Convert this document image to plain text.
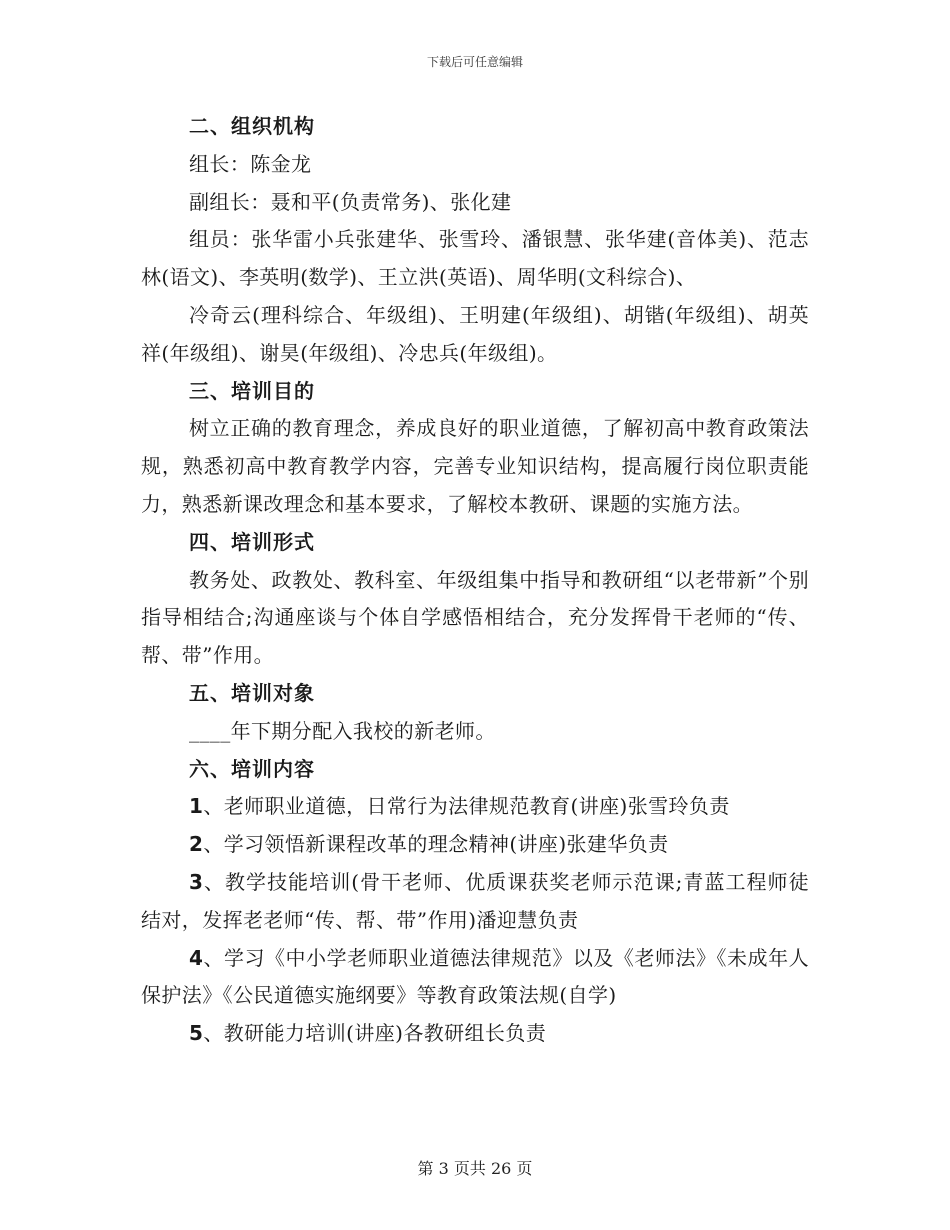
下载后可任意编辑

二、组织机构

组长：陈金龙

副组长：聂和平(负责常务)、张化建

组员：张华雷小兵张建华、张雪玲、潘银慧、张华建(音体美)、范志林(语文)、李英明(数学)、王立洪(英语)、周华明(文科综合)、

冷奇云(理科综合、年级组)、王明建(年级组)、胡锴(年级组)、胡英祥(年级组)、谢昊(年级组)、冷忠兵(年级组)。

三、培训目的

树立正确的教育理念，养成良好的职业道德，了解初高中教育政策法规，熟悉初高中教育教学内容，完善专业知识结构，提高履行岗位职责能力，熟悉新课改理念和基本要求，了解校本教研、课题的实施方法。

四、培训形式

教务处、政教处、教科室、年级组集中指导和教研组“以老带新”个别指导相结合;沟通座谈与个体自学感悟相结合，充分发挥骨干老师的“传、帮、带”作用。

五、培训对象

____年下期分配入我校的新老师。

六、培训内容

1、老师职业道德，日常行为法律规范教育(讲座)张雪玲负责

2、学习领悟新课程改革的理念精神(讲座)张建华负责

3、教学技能培训(骨干老师、优质课获奖老师示范课;青蓝工程师徒结对，发挥老老师“传、帮、带”作用)潘迎慧负责

4、学习《中小学老师职业道德法律规范》以及《老师法》《未成年人保护法》《公民道德实施纲要》等教育政策法规(自学)

5、教研能力培训(讲座)各教研组长负责

第 3 页共 26 页
